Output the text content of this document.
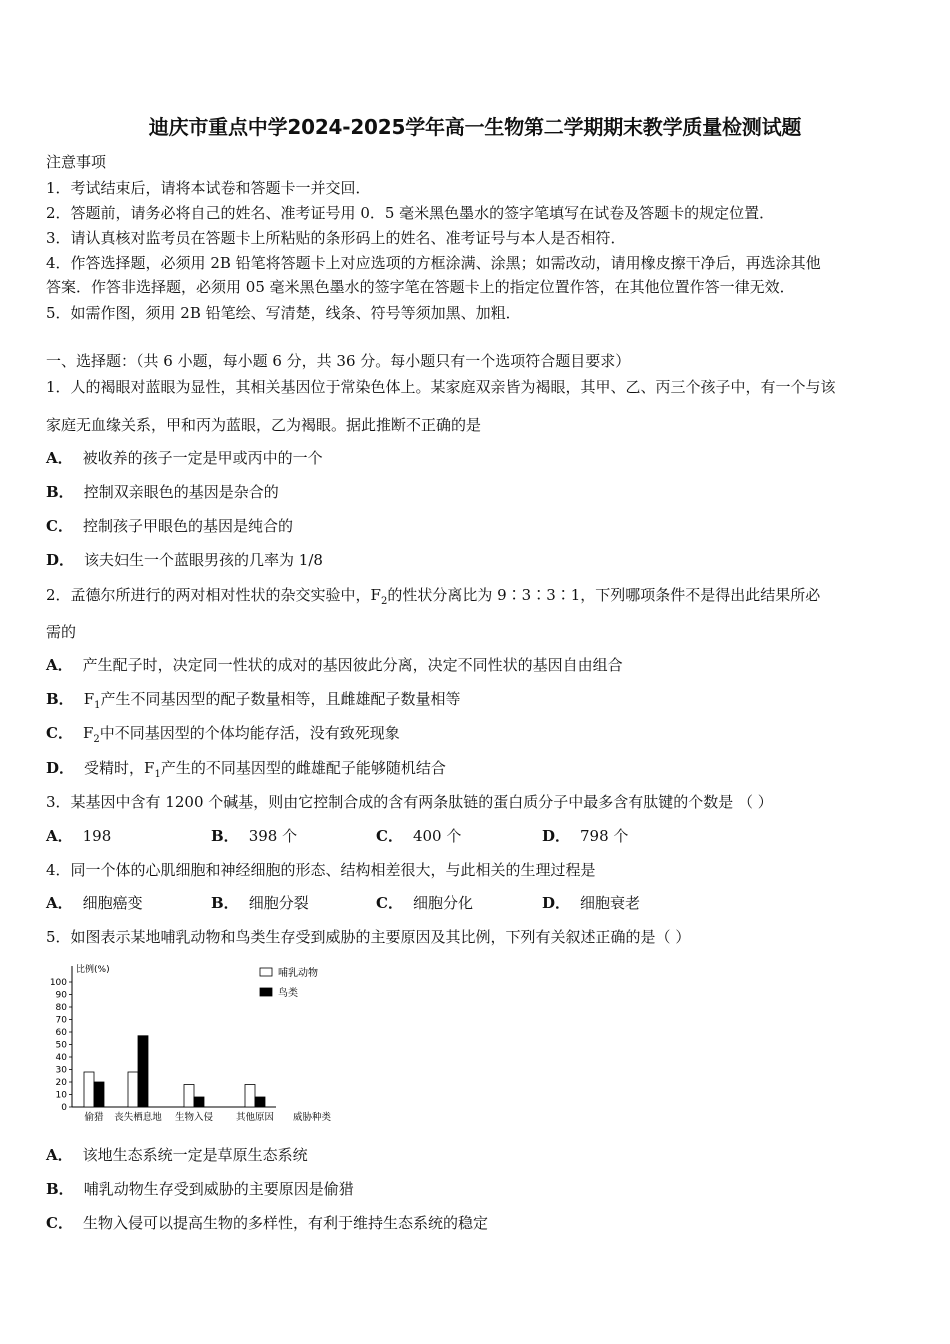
迪庆市重点中学2024-2025学年高一生物第二学期期末教学质量检测试题
注意事项
1．考试结束后，请将本试卷和答题卡一并交回．
2．答题前，请务必将自己的姓名、准考证号用 0．5 毫米黑色墨水的签字笔填写在试卷及答题卡的规定位置．
3．请认真核对监考员在答题卡上所粘贴的条形码上的姓名、准考证号与本人是否相符．
4．作答选择题，必须用 2B 铅笔将答题卡上对应选项的方框涂满、涂黑；如需改动，请用橡皮擦干净后，再选涂其他
答案．作答非选择题，必须用 05 毫米黑色墨水的签字笔在答题卡上的指定位置作答，在其他位置作答一律无效．
5．如需作图，须用 2B 铅笔绘、写清楚，线条、符号等须加黑、加粗．
一、选择题：（共 6 小题，每小题 6 分，共 36 分。每小题只有一个选项符合题目要求）
1．人的褐眼对蓝眼为显性，其相关基因位于常染色体上。某家庭双亲皆为褐眼，其甲、乙、丙三个孩子中，有一个与该
家庭无血缘关系，甲和丙为蓝眼，乙为褐眼。据此推断不正确的是
A． 被收养的孩子一定是甲或丙中的一个
B． 控制双亲眼色的基因是杂合的
C． 控制孩子甲眼色的基因是纯合的
D． 该夫妇生一个蓝眼男孩的几率为 1/8
2．孟德尔所进行的两对相对性状的杂交实验中，$F_2$的性状分离比为 9∶3∶3∶1，下列哪项条件不是得出此结果所必
需的
A． 产生配子时，决定同一性状的成对的基因彼此分离，决定不同性状的基因自由组合
B． $F_1$产生不同基因型的配子数量相等，且雌雄配子数量相等
C． $F_2$中不同基因型的个体均能存活，没有致死现象
D． 受精时，$F_1$产生的不同基因型的雌雄配子能够随机结合
3．某基因中含有 1200 个碱基，则由它控制合成的含有两条肽链的蛋白质分子中最多含有肽键的个数是 （ ）
A． 198	B． 398 个	C． 400 个	D． 798 个
4．同一个体的心肌细胞和神经细胞的形态、结构相差很大，与此相关的生理过程是
A． 细胞癌变	B． 细胞分裂	C． 细胞分化	D． 细胞衰老
5．如图表示某地哺乳动物和鸟类生存受到威胁的主要原因及其比例，下列有关叙述正确的是（ ）
比例(%)
0
10
20
30
40
50
60
70
80
90
100
偷猎 丧失栖息地 生物入侵 其他原因 威胁种类
哺乳动物
鸟类
A． 该地生态系统一定是草原生态系统
B． 哺乳动物生存受到威胁的主要原因是偷猎
C． 生物入侵可以提高生物的多样性，有利于维持生态系统的稳定
